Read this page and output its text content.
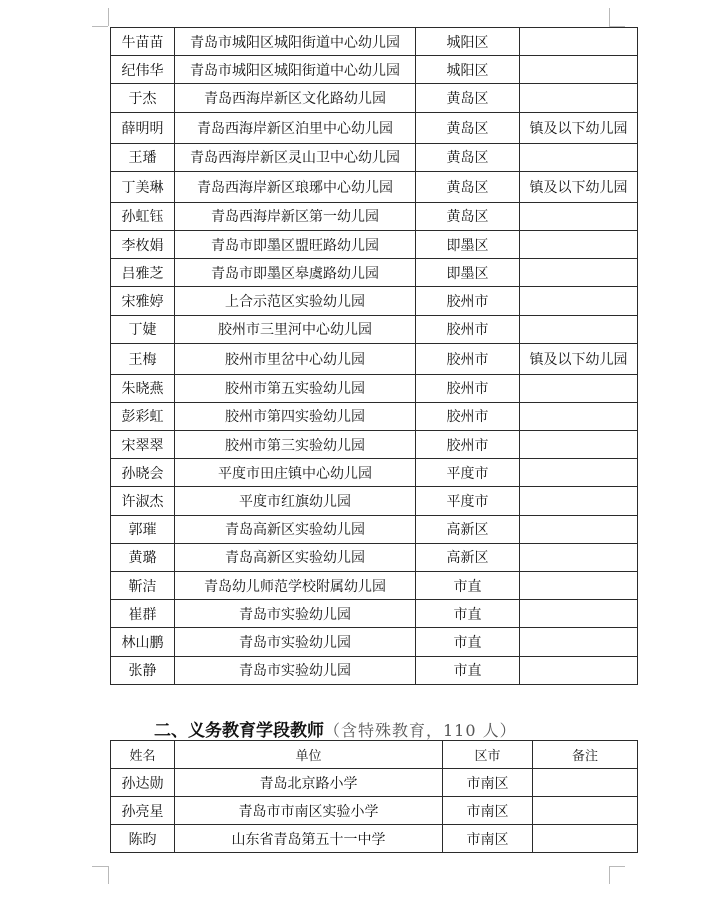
牛苗苗	青岛市城阳区城阳街道中心幼儿园	城阳区	
纪伟华	青岛市城阳区城阳街道中心幼儿园	城阳区	
于杰	青岛西海岸新区文化路幼儿园	黄岛区	
薛明明	青岛西海岸新区泊里中心幼儿园	黄岛区	镇及以下幼儿园
王璠	青岛西海岸新区灵山卫中心幼儿园	黄岛区	
丁美琳	青岛西海岸新区琅琊中心幼儿园	黄岛区	镇及以下幼儿园
孙虹钰	青岛西海岸新区第一幼儿园	黄岛区	
李枚娟	青岛市即墨区盟旺路幼儿园	即墨区	
吕雅芝	青岛市即墨区皋虞路幼儿园	即墨区	
宋雅婷	上合示范区实验幼儿园	胶州市	
丁婕	胶州市三里河中心幼儿园	胶州市	
王梅	胶州市里岔中心幼儿园	胶州市	镇及以下幼儿园
朱晓燕	胶州市第五实验幼儿园	胶州市	
彭彩虹	胶州市第四实验幼儿园	胶州市	
宋翠翠	胶州市第三实验幼儿园	胶州市	
孙晓会	平度市田庄镇中心幼儿园	平度市	
许淑杰	平度市红旗幼儿园	平度市	
郭璀	青岛高新区实验幼儿园	高新区	
黄璐	青岛高新区实验幼儿园	高新区	
靳洁	青岛幼儿师范学校附属幼儿园	市直	
崔群	青岛市实验幼儿园	市直	
林山鹏	青岛市实验幼儿园	市直	
张静	青岛市实验幼儿园	市直	
二、义务教育学段教师（含特殊教育，110 人）
姓名	单位	区市	备注
孙达勋	青岛北京路小学	市南区	
孙亮星	青岛市市南区实验小学	市南区	
陈昀	山东省青岛第五十一中学	市南区	
